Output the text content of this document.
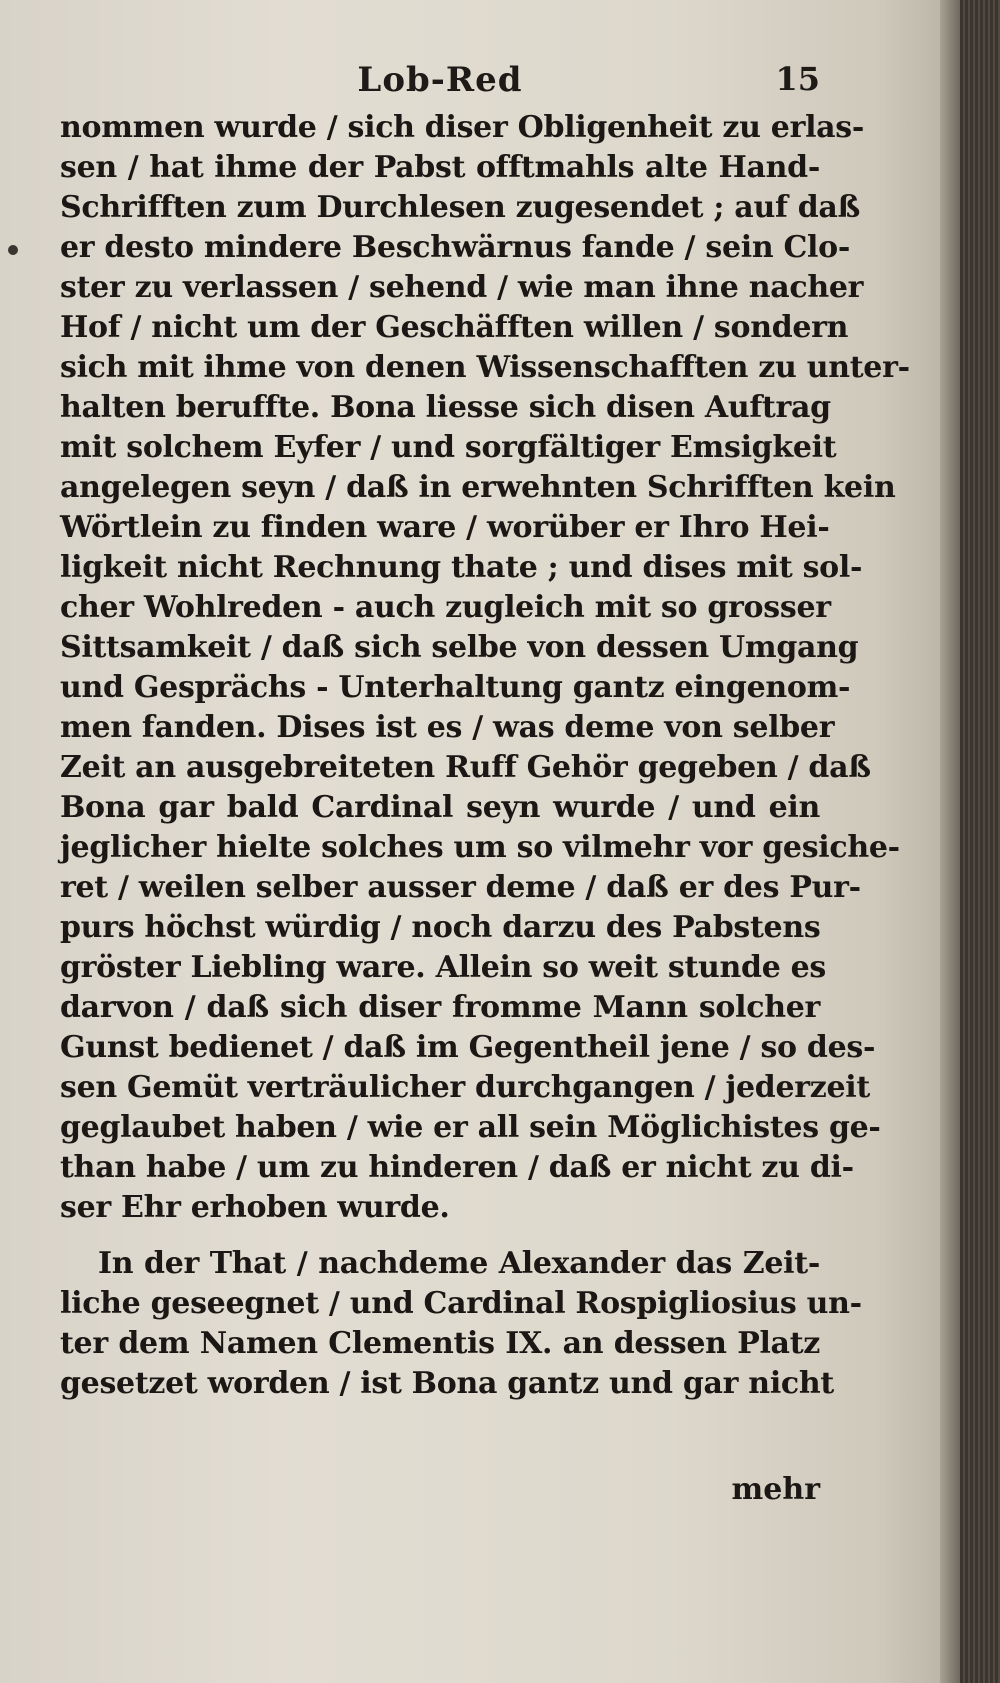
Lob-Red	15
nommen wurde / sich diser Obligenheit zu erlas-
sen / hat ihme der Pabst offtmahls alte Hand-
Schrifften zum Durchlesen zugesendet ; auf daß
er desto mindere Beschwärnus fande / sein Clo-
ster zu verlassen / sehend / wie man ihne nacher
Hof / nicht um der Geschäfften willen / sondern
sich mit ihme von denen Wissenschafften zu unter-
halten beruffte. Bona liesse sich disen Auftrag
mit solchem Eyfer / und sorgfältiger Emsigkeit
angelegen seyn / daß in erwehnten Schrifften kein
Wörtlein zu finden ware / worüber er Ihro Hei-
ligkeit nicht Rechnung thate ; und dises mit sol-
cher Wohlreden - auch zugleich mit so grosser
Sittsamkeit / daß sich selbe von dessen Umgang
und Gesprächs - Unterhaltung gantz eingenom-
men fanden. Dises ist es / was deme von selber
Zeit an ausgebreiteten Ruff Gehör gegeben / daß
Bona gar bald Cardinal seyn wurde / und ein
jeglicher hielte solches um so vilmehr vor gesiche-
ret / weilen selber ausser deme / daß er des Pur-
purs höchst würdig / noch darzu des Pabstens
gröster Liebling ware. Allein so weit stunde es
darvon / daß sich diser fromme Mann solcher
Gunst bedienet / daß im Gegentheil jene / so des-
sen Gemüt verträulicher durchgangen / jederzeit
geglaubet haben / wie er all sein Möglichistes ge-
than habe / um zu hinderen / daß er nicht zu di-
ser Ehr erhoben wurde.
In der That / nachdeme Alexander das Zeit-
liche geseegnet / und Cardinal Rospigliosius un-
ter dem Namen Clementis IX. an dessen Platz
gesetzet worden / ist Bona gantz und gar nicht
mehr
